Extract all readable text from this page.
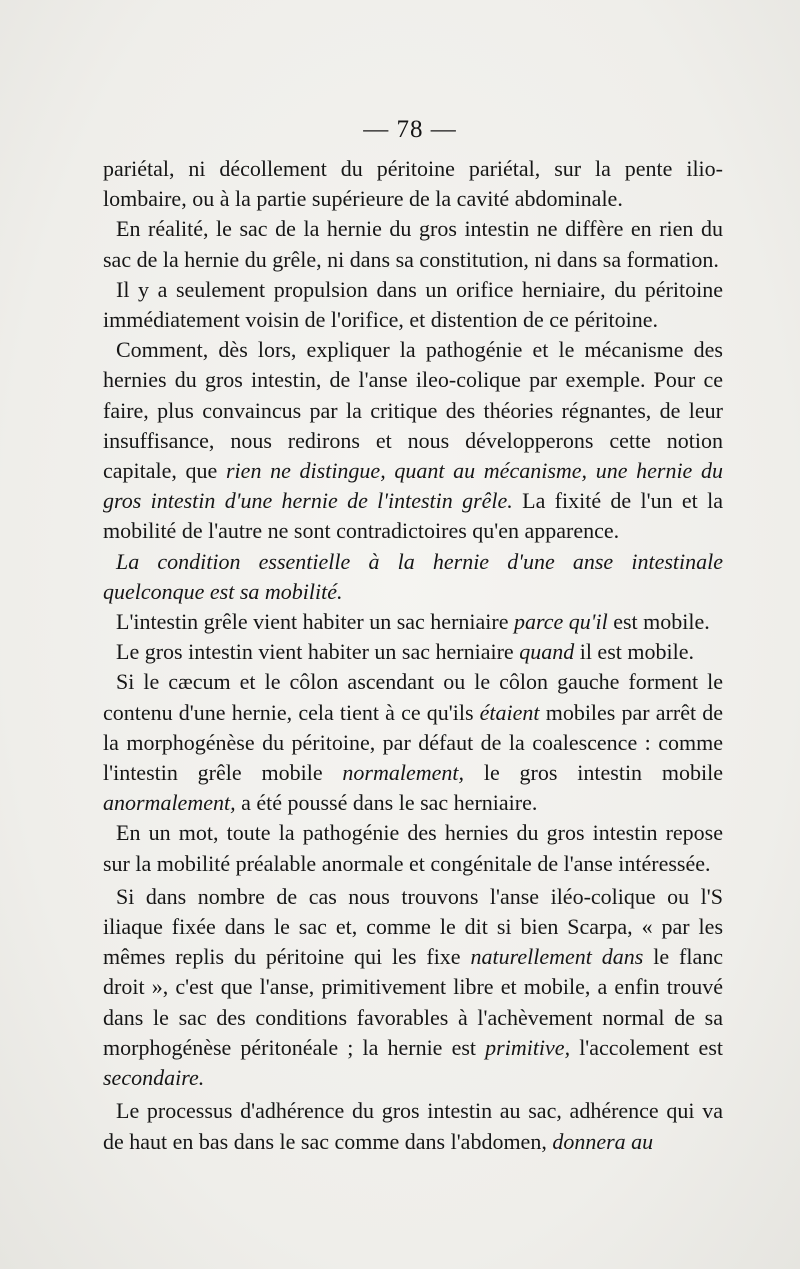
— 78 —

pariétal, ni décollement du péritoine pariétal, sur la pente ilio-lombaire, ou à la partie supérieure de la cavité abdominale.

En réalité, le sac de la hernie du gros intestin ne diffère en rien du sac de la hernie du grêle, ni dans sa constitution, ni dans sa formation.

Il y a seulement propulsion dans un orifice herniaire, du péritoine immédiatement voisin de l'orifice, et distention de ce péritoine.

Comment, dès lors, expliquer la pathogénie et le mécanisme des hernies du gros intestin, de l'anse ileo-colique par exemple. Pour ce faire, plus convaincus par la critique des théories régnantes, de leur insuffisance, nous redirons et nous développerons cette notion capitale, que rien ne distingue, quant au mécanisme, une hernie du gros intestin d'une hernie de l'intestin grêle. La fixité de l'un et la mobilité de l'autre ne sont contradictoires qu'en apparence.

La condition essentielle à la hernie d'une anse intestinale quelconque est sa mobilité.

L'intestin grêle vient habiter un sac herniaire parce qu'il est mobile.

Le gros intestin vient habiter un sac herniaire quand il est mobile.

Si le cæcum et le côlon ascendant ou le côlon gauche forment le contenu d'une hernie, cela tient à ce qu'ils étaient mobiles par arrêt de la morphogénèse du péritoine, par défaut de la coalescence : comme l'intestin grêle mobile normalement, le gros intestin mobile anormalement, a été poussé dans le sac herniaire.

En un mot, toute la pathogénie des hernies du gros intestin repose sur la mobilité préalable anormale et congénitale de l'anse intéressée.

Si dans nombre de cas nous trouvons l'anse iléo-colique ou l'S iliaque fixée dans le sac et, comme le dit si bien Scarpa, « par les mêmes replis du péritoine qui les fixe naturellement dans le flanc droit », c'est que l'anse, primitivement libre et mobile, a enfin trouvé dans le sac des conditions favorables à l'achèvement normal de sa morphogénèse péritonéale ; la hernie est primitive, l'accolement est secondaire.

Le processus d'adhérence du gros intestin au sac, adhérence qui va de haut en bas dans le sac comme dans l'abdomen, donnera au
